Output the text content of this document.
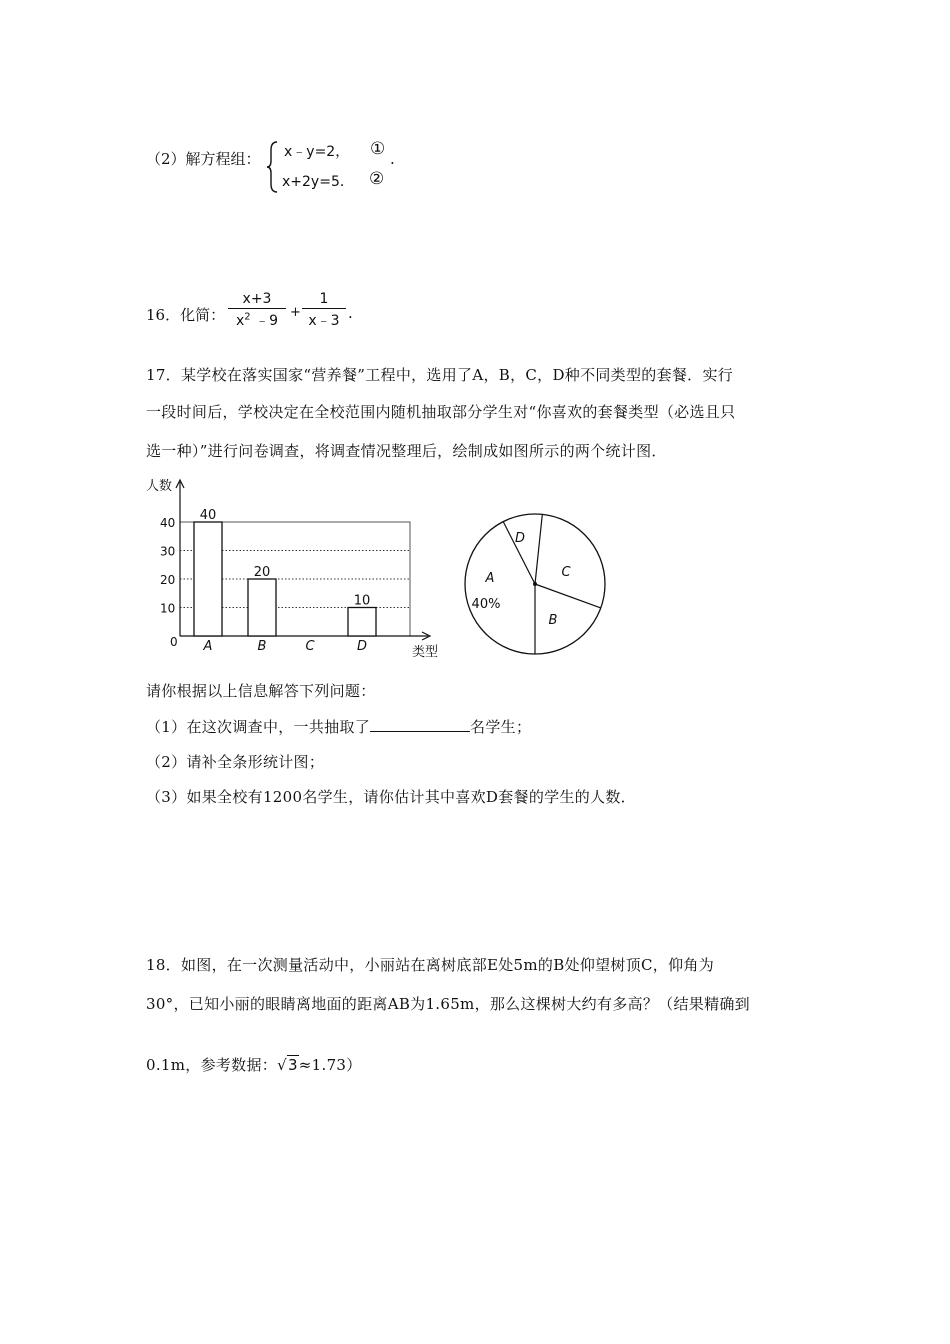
（2）解方程组： x﹣y=2， ①
x+2y=5． ②
.
16．化简： $\frac{x+3}{x^2 ﹣9} + \frac{1}{x﹣3}$ .
17．某学校在落实国家“营养餐”工程中，选用了A，B，C，D种不同类型的套餐．实行
一段时间后，学校决定在全校范围内随机抽取部分学生对“你喜欢的套餐类型（必选且只
选一种）”进行问卷调查，将调查情况整理后，绘制成如图所示的两个统计图．
人数
类型
0
10
20
30
40 40
A
20
B	C
10
D
A
40%
B
C
D
请你根据以上信息解答下列问题：
（1）在这次调查中，一共抽取了	名学生；
（2）请补全条形统计图；
（3）如果全校有1200名学生，请你估计其中喜欢D套餐的学生的人数．
18．如图，在一次测量活动中，小丽站在离树底部E处5m的B处仰望树顶C，仰角为
30°，已知小丽的眼睛离地面的距离AB为1.65m，那么这棵树大约有多高？（结果精确到
0.1m，参考数据：√3≈1.73）
